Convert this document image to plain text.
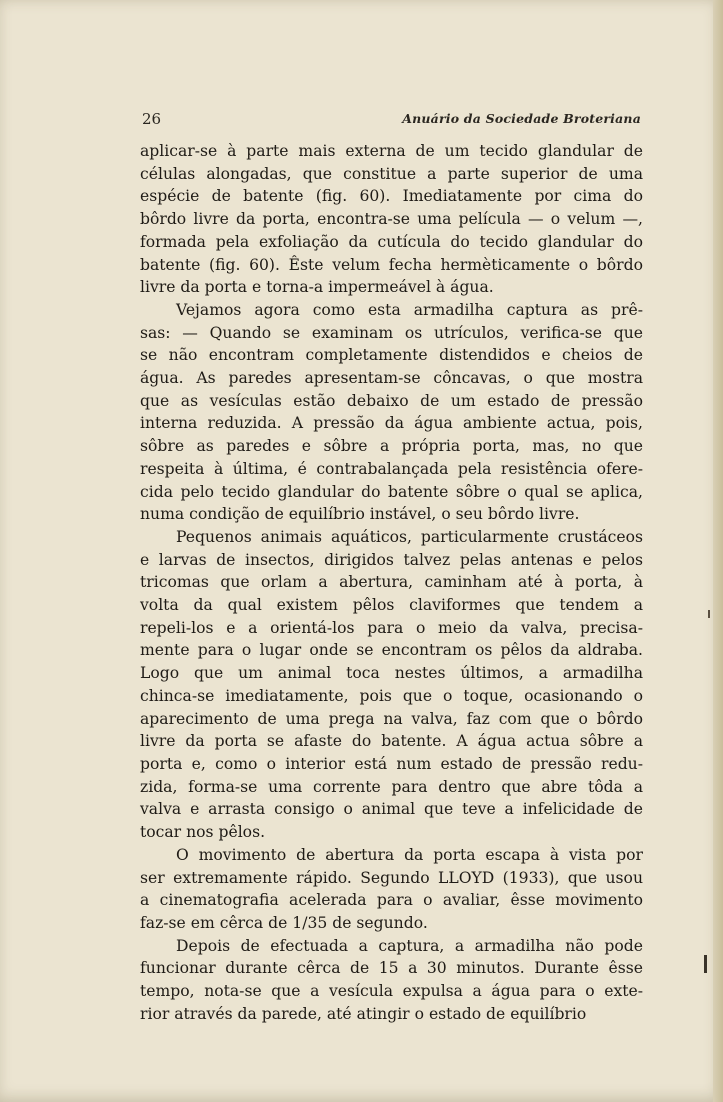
26	Anuário da Sociedade Broteriana
aplicar-se à parte mais externa de um tecido glandular de
células alongadas, que constitue a parte superior de uma
espécie de batente (fig. 60). Imediatamente por cima do
bôrdo livre da porta, encontra-se uma película — o velum —,
formada pela exfoliação da cutícula do tecido glandular do
batente (fig. 60). Êste velum fecha hermèticamente o bôrdo
livre da porta e torna-a impermeável à água.
Vejamos agora como esta armadilha captura as prê-
sas: — Quando se examinam os utrículos, verifica-se que
se não encontram completamente distendidos e cheios de
água. As paredes apresentam-se côncavas, o que mostra
que as vesículas estão debaixo de um estado de pressão
interna reduzida. A pressão da água ambiente actua, pois,
sôbre as paredes e sôbre a própria porta, mas, no que
respeita à última, é contrabalançada pela resistência oferе-
cida pelo tecido glandular do batente sôbre o qual se aplica,
numa condição de equilíbrio instável, o seu bôrdo livre.
Pequenos animais aquáticos, particularmente crustáceos
e larvas de insectos, dirigidos talvez pelas antenas e pelos
tricomas que orlam a abertura, caminham até à porta, à
volta da qual existem pêlos claviformes que tendem a
repeli-los e a orientá-los para o meio da valva, precisa-
mente para o lugar onde se encontram os pêlos da aldraba.
Logo que um animal toca nestes últimos, a armadilha
chinca-se imediatamente, pois que o toque, ocasionando o
aparecimento de uma prega na valva, faz com que o bôrdo
livre da porta se afaste do batente. A água actua sôbre a
porta e, como o interior está num estado de pressão redu-
zida, forma-se uma corrente para dentro que abre tôda a
valva e arrasta consigo o animal que teve a infelicidade de
tocar nos pêlos.
O movimento de abertura da porta escapa à vista por
ser extremamente rápido. Segundo LLOYD (1933), que usou
a cinematografia acelerada para o avaliar, êsse movimento
faz-se em cêrca de 1/35 de segundo.
Depois de efectuada a captura, a armadilha não pode
funcionar durante cêrca de 15 a 30 minutos. Durante êsse
tempo, nota-se que a vesícula expulsa a água para o exte-
rior através da parede, até atingir o estado de equilíbrio
